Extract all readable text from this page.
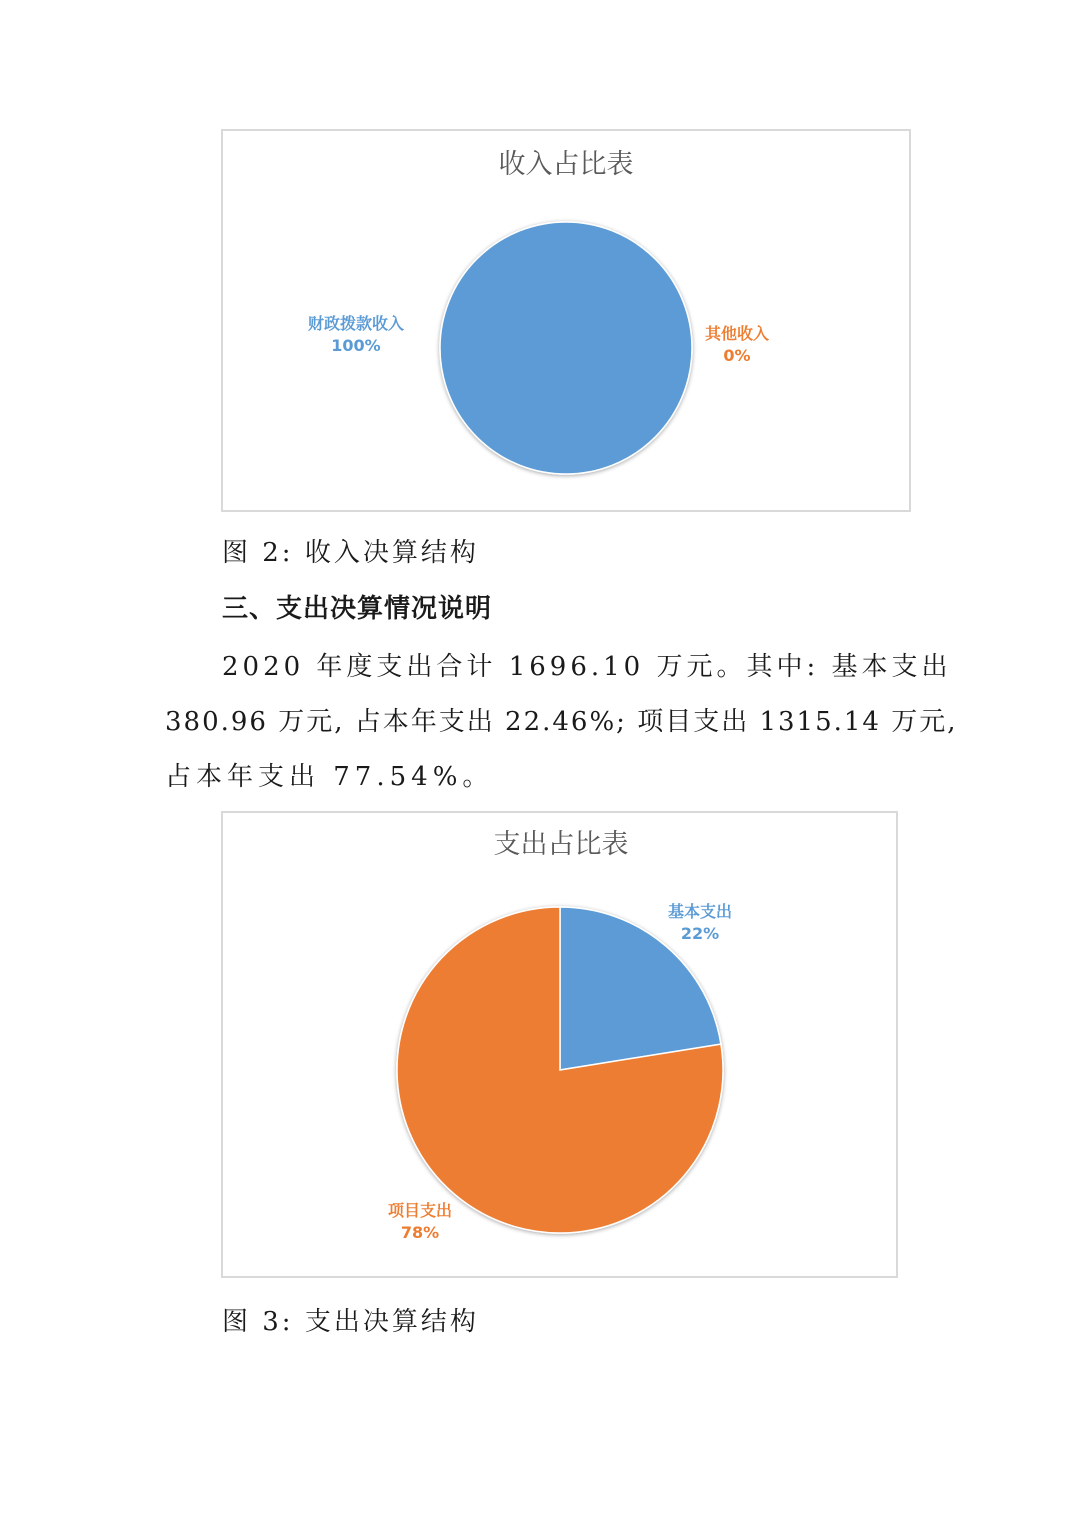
收入占比表
财政拨款收入
100%
其他收入
0%

图 2: 收入决算结构

三、支出决算情况说明

2020 年度支出合计 1696.10 万元。其中: 基本支出

380.96 万元, 占本年支出 22.46%; 项目支出 1315.14 万元,

占本年支出 77.54%。

支出占比表
基本支出
22%
项目支出
78%

图 3: 支出决算结构
